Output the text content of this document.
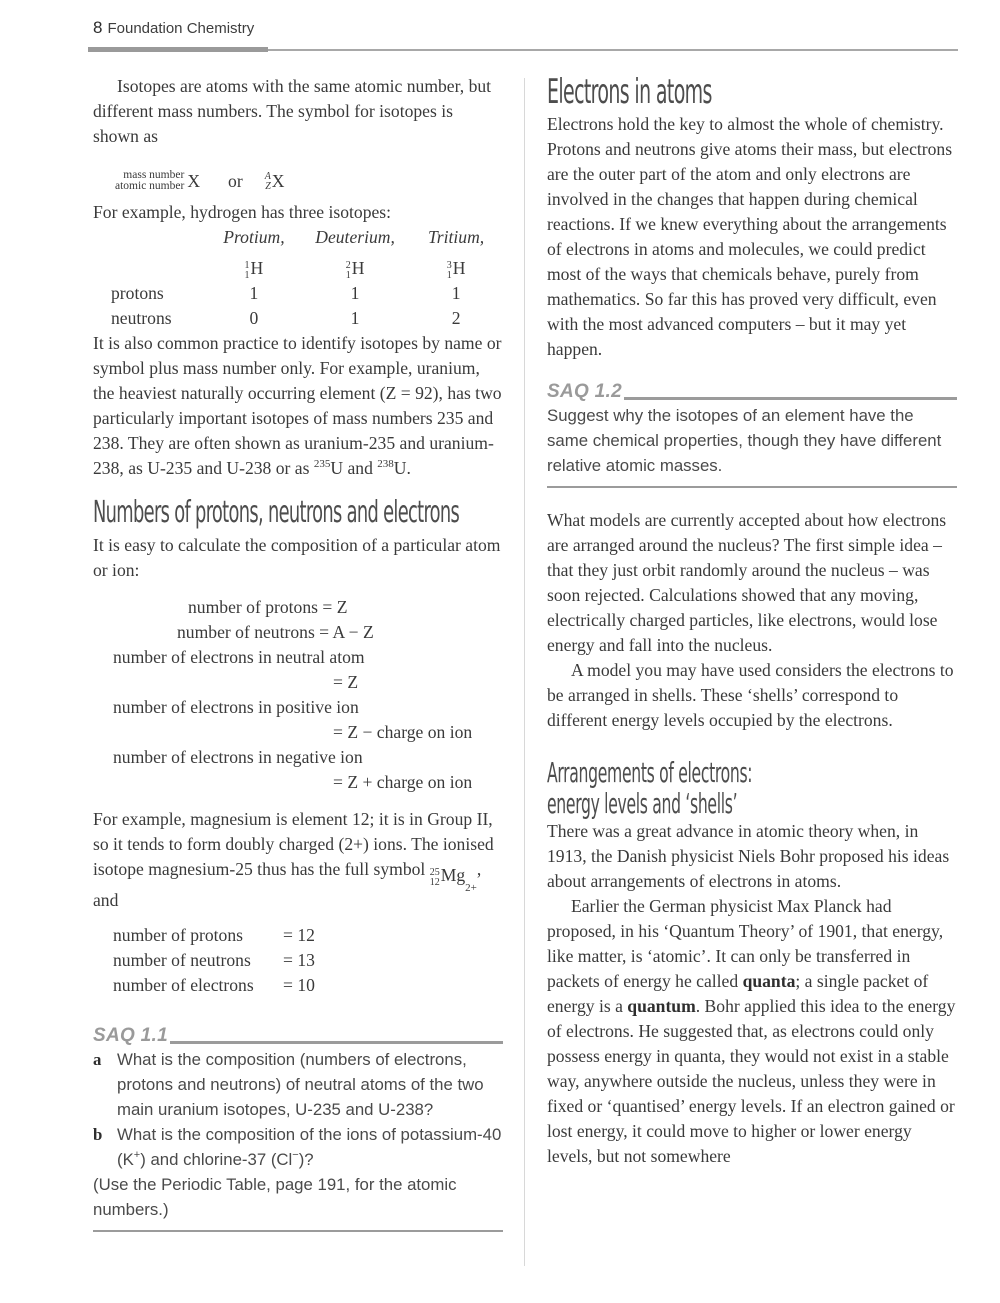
8 Foundation Chemistry

Isotopes are atoms with the same atomic number, but different mass numbers. The symbol for isotopes is shown as

mass number
atomic number X or A
Z X

For example, hydrogen has three isotopes:

	Protium,	Deuterium,	Tritium,

	1
1 H	2
1 H	3
1 H

protons	1	1	1
neutrons	0	1	2

It is also common practice to identify isotopes by name or symbol plus mass number only. For example, uranium, the heaviest naturally occurring element (Z = 92), has two particularly important isotopes of mass numbers 235 and 238. They are often shown as uranium-235 and uranium-238, as U-235 and U-238 or as $^{235}$U and $^{238}$U.

Numbers of protons, neutrons and electrons

It is easy to calculate the composition of a particular atom or ion:

number of protons = Z
number of neutrons = A − Z
number of electrons in neutral atom
= Z
number of electrons in positive ion
= Z − charge on ion
number of electrons in negative ion
= Z + charge on ion

For example, magnesium is element 12; it is in Group II, so it tends to form doubly charged (2+) ions. The ionised isotope magnesium-25 thus has the full symbol 25
12 Mg
2+
, and

number of protons	= 12
number of neutrons	= 13
number of electrons	= 10
SAQ 1.1
a What is the composition (numbers of electrons, protons and neutrons) of neutral atoms of the two main uranium isotopes, U-235 and U-238?
b What is the composition of the ions of potassium-40 (K+) and chlorine-37 (Cl−)?
(Use the Periodic Table, page 191, for the atomic numbers.)
Electrons in atoms

Electrons hold the key to almost the whole of chemistry. Protons and neutrons give atoms their mass, but electrons are the outer part of the atom and only electrons are involved in the changes that happen during chemical reactions. If we knew everything about the arrangements of electrons in atoms and molecules, we could predict most of the ways that chemicals behave, purely from mathematics. So far this has proved very difficult, even with the most advanced computers – but it may yet happen.

SAQ 1.2
Suggest why the isotopes of an element have the same chemical properties, though they have different relative atomic masses.

What models are currently accepted about how electrons are arranged around the nucleus? The first simple idea – that they just orbit randomly around the nucleus – was soon rejected. Calculations showed that any moving, electrically charged particles, like electrons, would lose energy and fall into the nucleus.

A model you may have used considers the electrons to be arranged in shells. These ‘shells’ correspond to different energy levels occupied by the electrons.

Arrangements of electrons:
energy levels and ‘shells’

There was a great advance in atomic theory when, in 1913, the Danish physicist Niels Bohr proposed his ideas about arrangements of electrons in atoms.

Earlier the German physicist Max Planck had proposed, in his ‘Quantum Theory’ of 1901, that energy, like matter, is ‘atomic’. It can only be transferred in packets of energy he called quanta; a single packet of energy is a quantum. Bohr applied this idea to the energy of electrons. He suggested that, as electrons could only possess energy in quanta, they would not exist in a stable way, anywhere outside the nucleus, unless they were in fixed or ‘quantised’ energy levels. If an electron gained or lost energy, it could move to higher or lower energy levels, but not somewhere
